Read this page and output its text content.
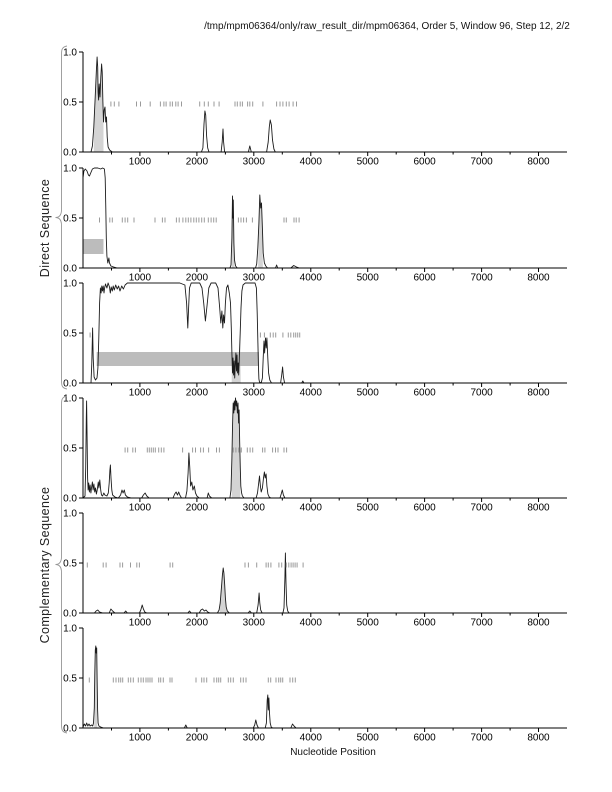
0.0
0.5
1.0
1000	2000	3000	4000	5000	6000	7000	8000
0.0
0.5
1.0
1000	2000	3000	4000	5000	6000	7000	8000
0.0
0.5
1.0
1000	2000	3000	4000	5000	6000	7000	8000
0.0
0.5
1.0
1000	2000	3000	4000	5000	6000	7000	8000
0.0
0.5
1.0
1000	2000	3000	4000	5000	6000	7000	8000
0.0
0.5
1.0
1000	2000	3000	4000	5000	6000	7000	8000
/tmp/mpm06364/only/raw_result_dir/mpm06364, Order 5, Window 96, Step 12, 2/2
Direct Sequence
Complementary Sequence
Nucleotide Position
